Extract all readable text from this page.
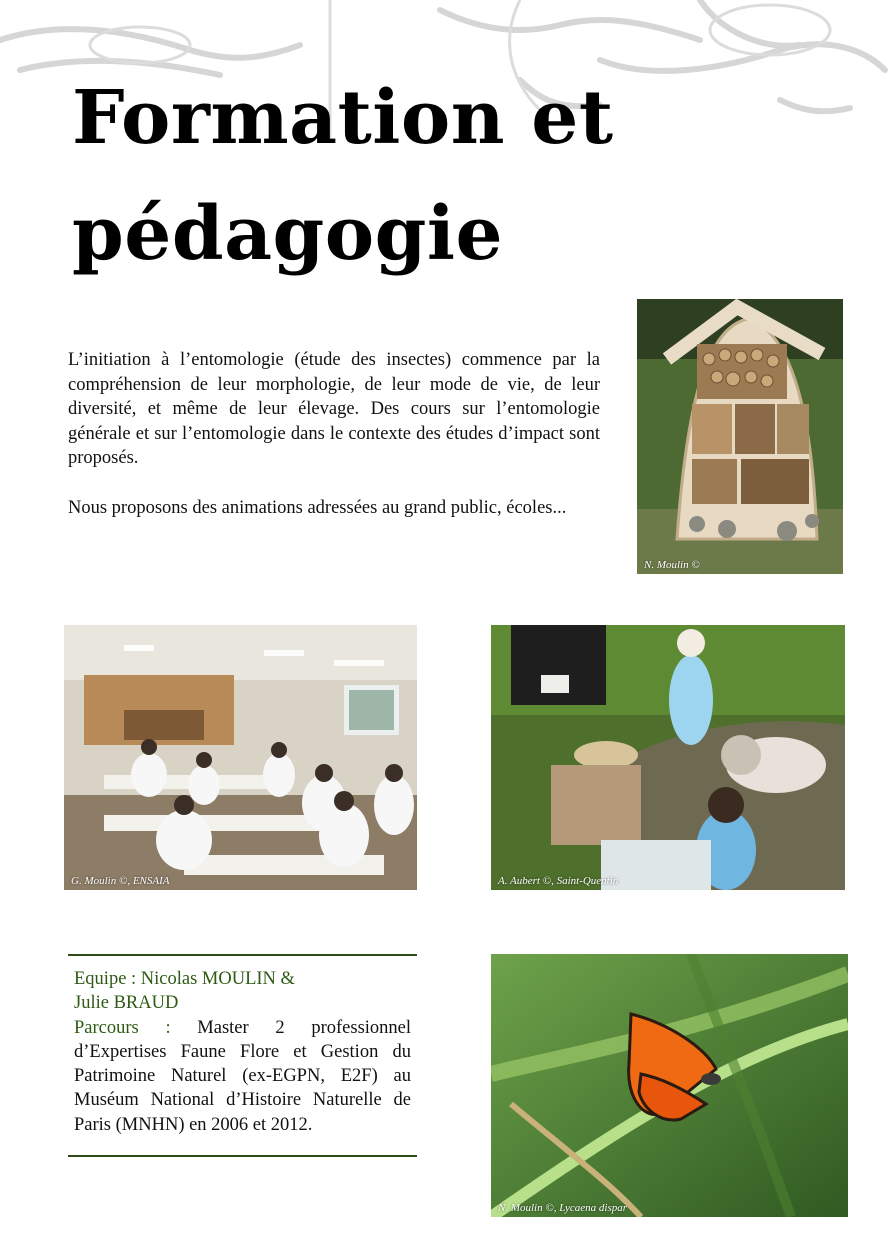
Formation et
pédagogie

L’initiation à l’entomologie (étude des insectes) commence par la compréhension de leur morphologie, de leur mode de vie, de leur diversité, et même de leur élevage. Des cours sur l’entomologie générale et sur l’entomologie dans le contexte des études d’impact sont proposés.

Nous proposons des animations adressées au grand public, écoles...

N. Moulin ©
G. Moulin ©, ENSAIA	A. Aubert ©, Saint-Quentin
Equipe : Nicolas MOULIN &
Julie BRAUD
Parcours : Master 2 professionnel d’Expertises Faune Flore et Gestion du Patrimoine Naturel (ex-EGPN, E2F) au Muséum National d’Histoire Naturelle de Paris (MNHN) en 2006 et 2012.
N. Moulin ©, Lycaena dispar
